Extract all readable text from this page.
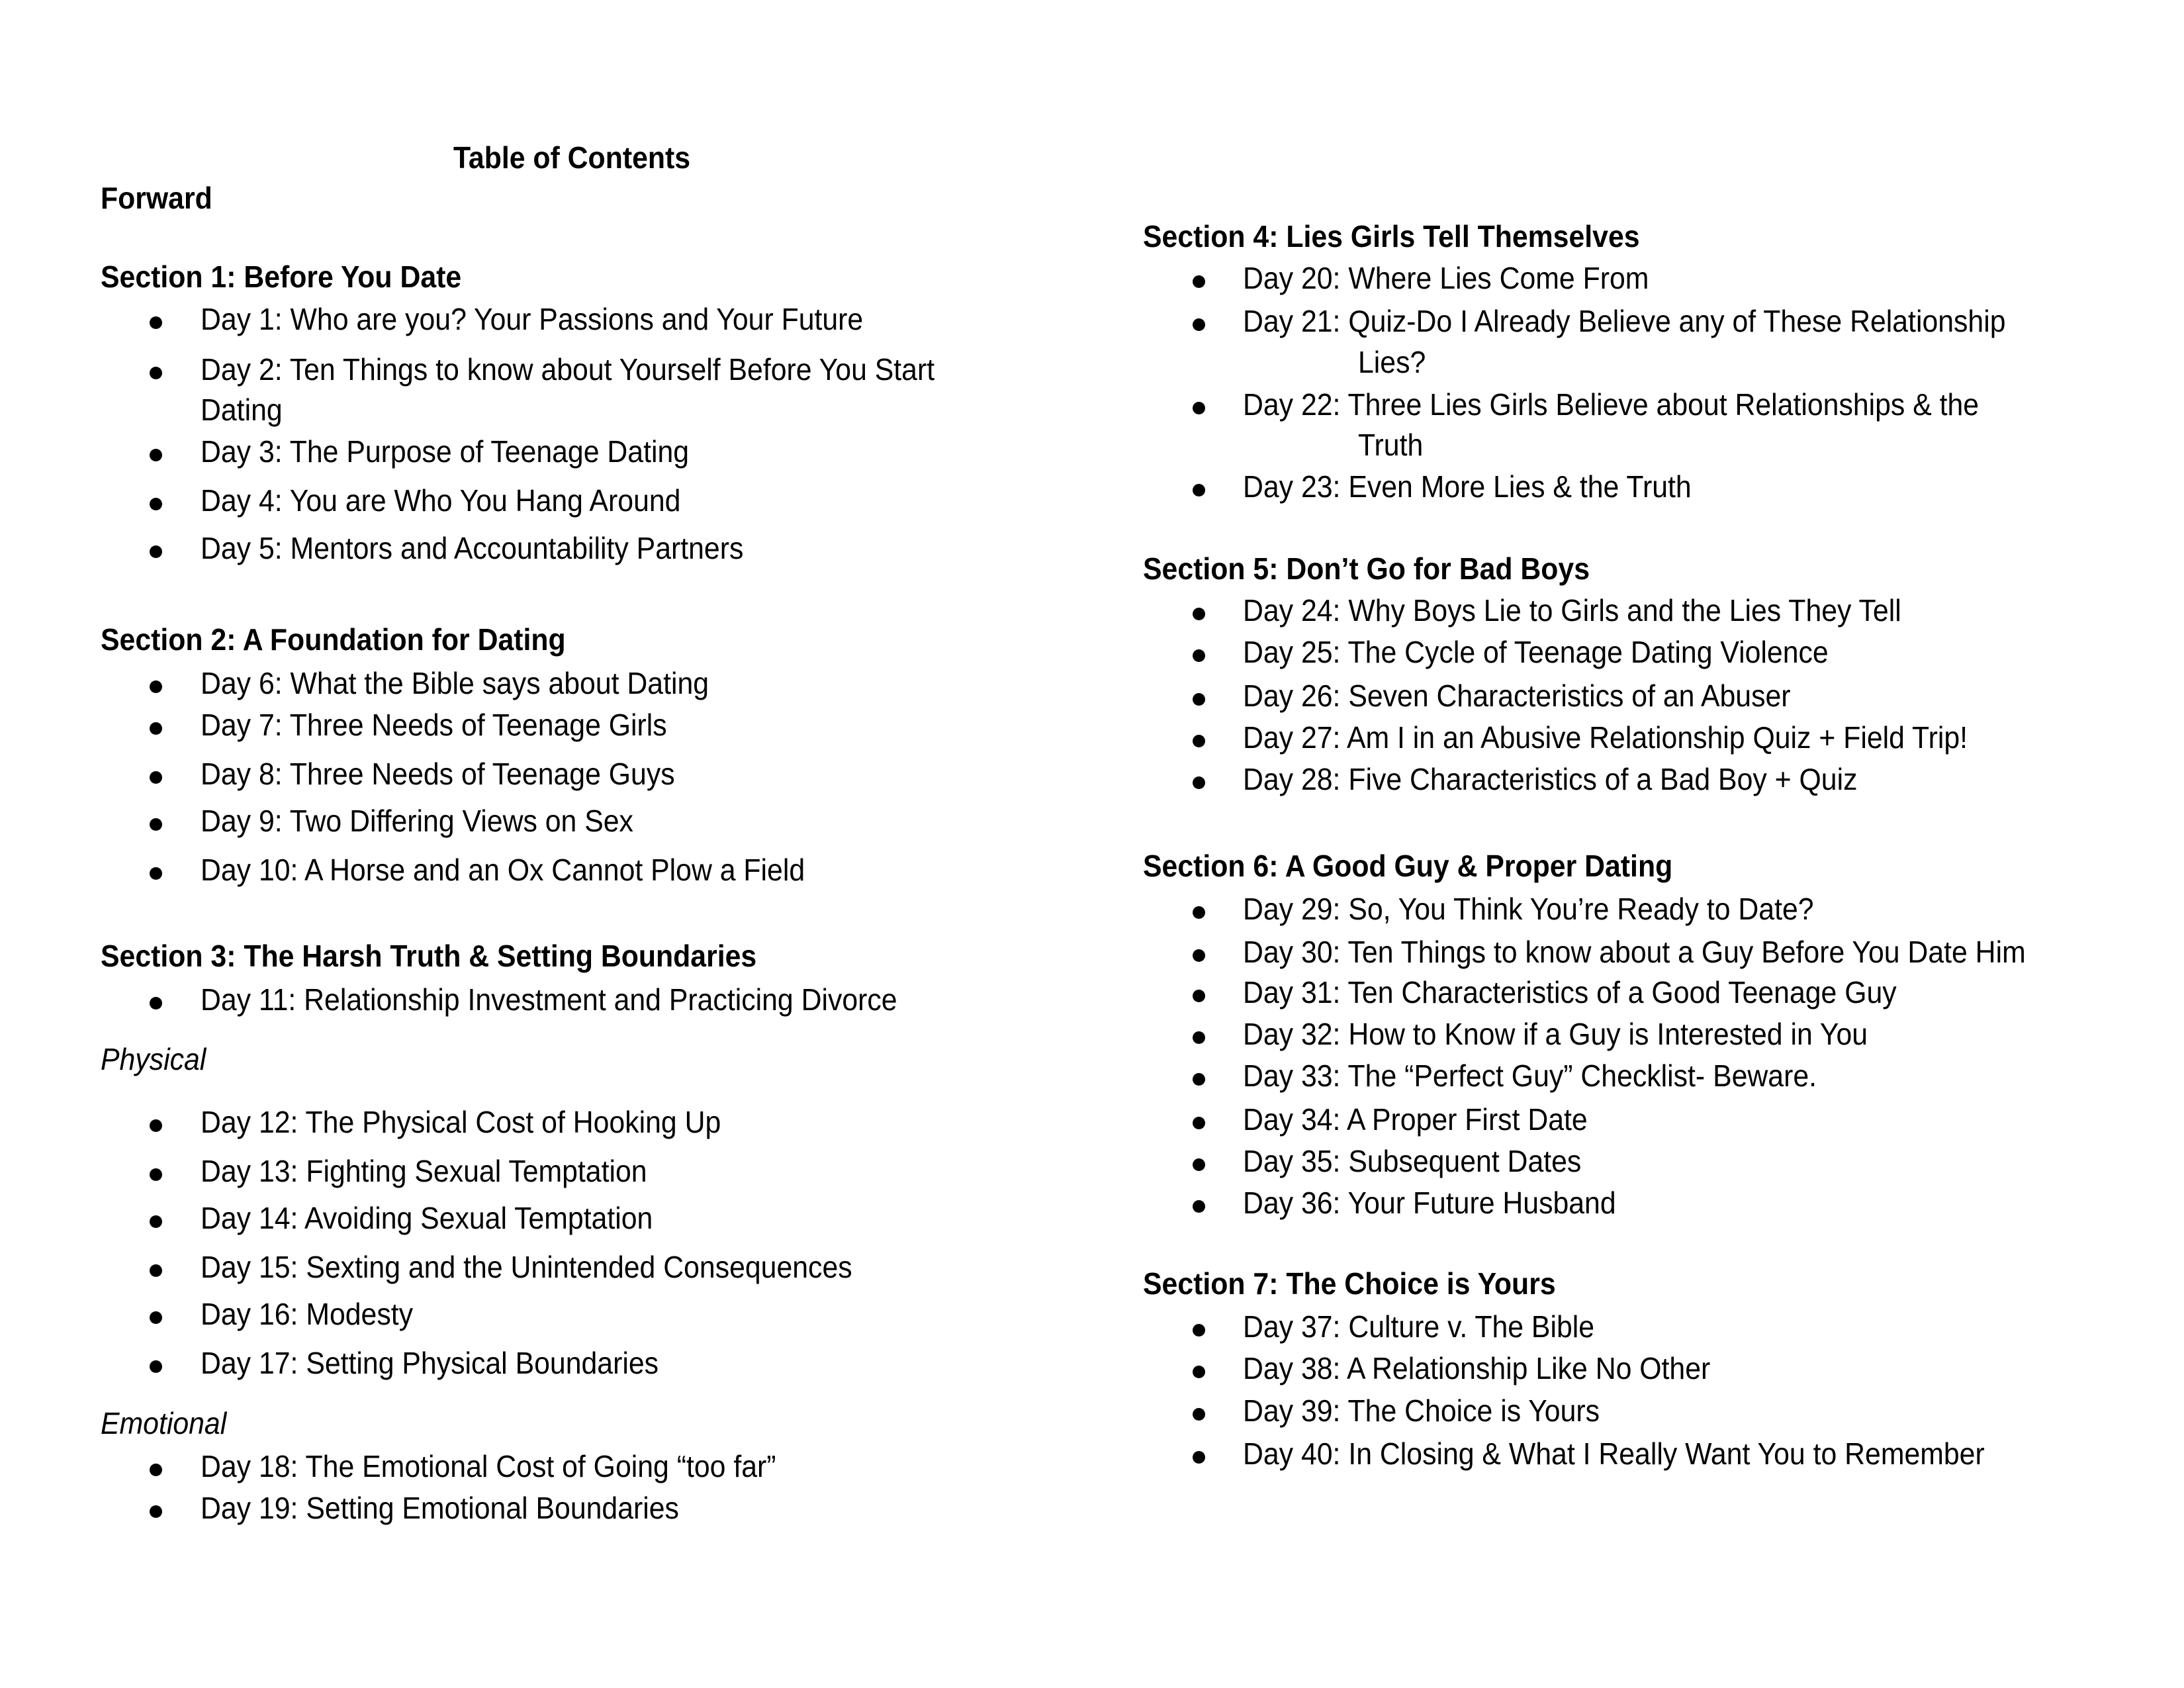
Table of Contents
Forward
Section 1: Before You Date
Day 1: Who are you? Your Passions and Your Future
Day 2: Ten Things to know about Yourself Before You Start
Dating
Day 3: The Purpose of Teenage Dating
Day 4: You are Who You Hang Around
Day 5: Mentors and Accountability Partners
Section 2: A Foundation for Dating
Day 6: What the Bible says about Dating
Day 7: Three Needs of Teenage Girls
Day 8: Three Needs of Teenage Guys
Day 9: Two Differing Views on Sex
Day 10: A Horse and an Ox Cannot Plow a Field
Section 3: The Harsh Truth & Setting Boundaries
Day 11: Relationship Investment and Practicing Divorce
Physical
Day 12: The Physical Cost of Hooking Up
Day 13: Fighting Sexual Temptation
Day 14: Avoiding Sexual Temptation
Day 15: Sexting and the Unintended Consequences
Day 16: Modesty
Day 17: Setting Physical Boundaries
Emotional
Day 18: The Emotional Cost of Going “too far”
Day 19: Setting Emotional Boundaries
Section 4: Lies Girls Tell Themselves
Day 20: Where Lies Come From
Day 21: Quiz-Do I Already Believe any of These Relationship
Lies?
Day 22: Three Lies Girls Believe about Relationships & the
Truth
Day 23: Even More Lies & the Truth
Section 5: Don’t Go for Bad Boys
Day 24: Why Boys Lie to Girls and the Lies They Tell
Day 25: The Cycle of Teenage Dating Violence
Day 26: Seven Characteristics of an Abuser
Day 27: Am I in an Abusive Relationship Quiz + Field Trip!
Day 28: Five Characteristics of a Bad Boy + Quiz
Section 6: A Good Guy & Proper Dating
Day 29: So, You Think You’re Ready to Date?
Day 30: Ten Things to know about a Guy Before You Date Him
Day 31: Ten Characteristics of a Good Teenage Guy
Day 32: How to Know if a Guy is Interested in You
Day 33: The “Perfect Guy” Checklist- Beware.
Day 34: A Proper First Date
Day 35: Subsequent Dates
Day 36: Your Future Husband
Section 7: The Choice is Yours
Day 37: Culture v. The Bible
Day 38: A Relationship Like No Other
Day 39: The Choice is Yours
Day 40: In Closing & What I Really Want You to Remember
